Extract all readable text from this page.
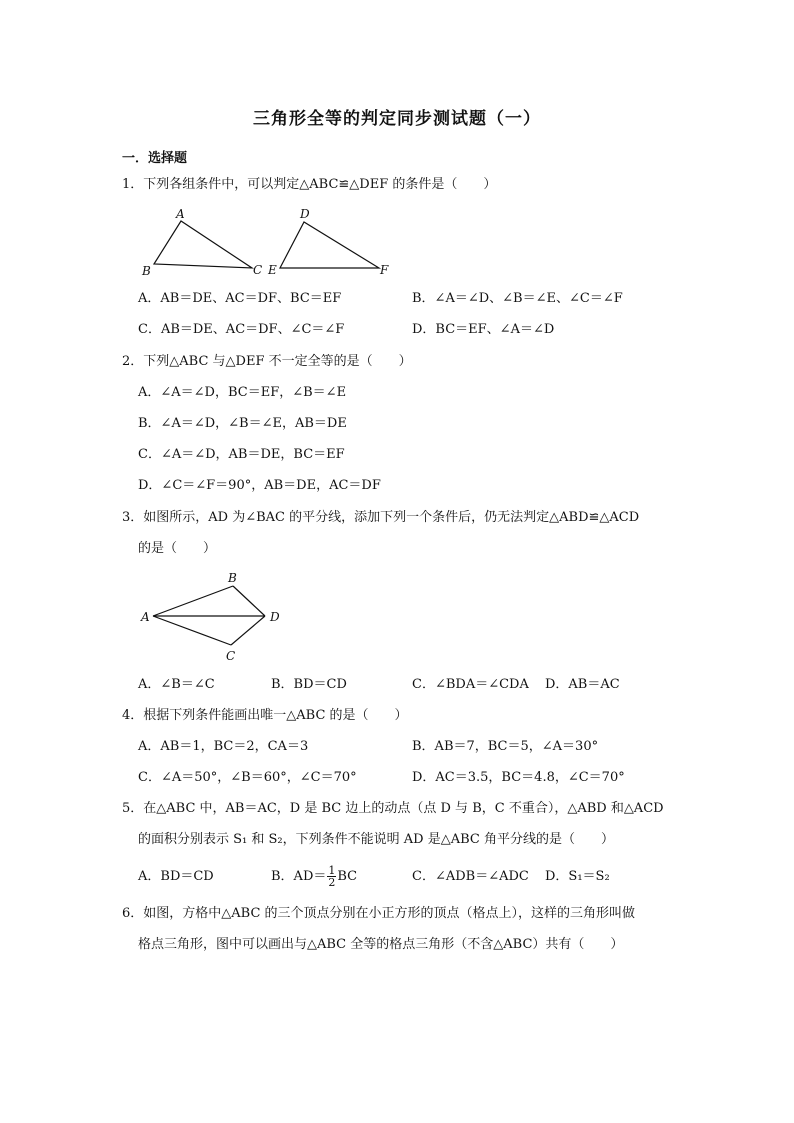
三角形全等的判定同步测试题（一）
一．选择题
1．下列各组条件中，可以判定△ABC≌△DEF 的条件是（　　）
A
B	C
D
E	F
A．AB＝DE、AC＝DF、BC＝EF	B．∠A＝∠D、∠B＝∠E、∠C＝∠F
C．AB＝DE、AC＝DF、∠C＝∠F	D．BC＝EF、∠A＝∠D
2．下列△ABC 与△DEF 不一定全等的是（　　）
A．∠A＝∠D，BC＝EF，∠B＝∠E
B．∠A＝∠D，∠B＝∠E，AB＝DE
C．∠A＝∠D，AB＝DE，BC＝EF
D．∠C＝∠F＝90°，AB＝DE，AC＝DF
3．如图所示，AD 为∠BAC 的平分线，添加下列一个条件后，仍无法判定△ABD≌△ACD
的是（　　）
A
B
C
D
A．∠B＝∠C	B．BD＝CD	C．∠BDA＝∠CDA D．AB＝AC
4．根据下列条件能画出唯一△ABC 的是（　　）
A．AB＝1，BC＝2，CA＝3	B．AB＝7，BC＝5，∠A＝30°
C．∠A＝50°，∠B＝60°，∠C＝70°	D．AC＝3.5，BC＝4.8，∠C＝70°
5．在△ABC 中，AB＝AC，D 是 BC 边上的动点（点 D 与 B，C 不重合），△ABD 和△ACD
的面积分别表示 S₁ 和 S₂，下列条件不能说明 AD 是△ABC 角平分线的是（　　）
A．BD＝CD	B．$AD= \frac{1}{2}$ BC	C．∠ADB＝∠ADC D．S₁＝S₂
6．如图，方格中△ABC 的三个顶点分别在小正方形的顶点（格点上），这样的三角形叫做
格点三角形，图中可以画出与△ABC 全等的格点三角形（不含△ABC）共有（　　）
